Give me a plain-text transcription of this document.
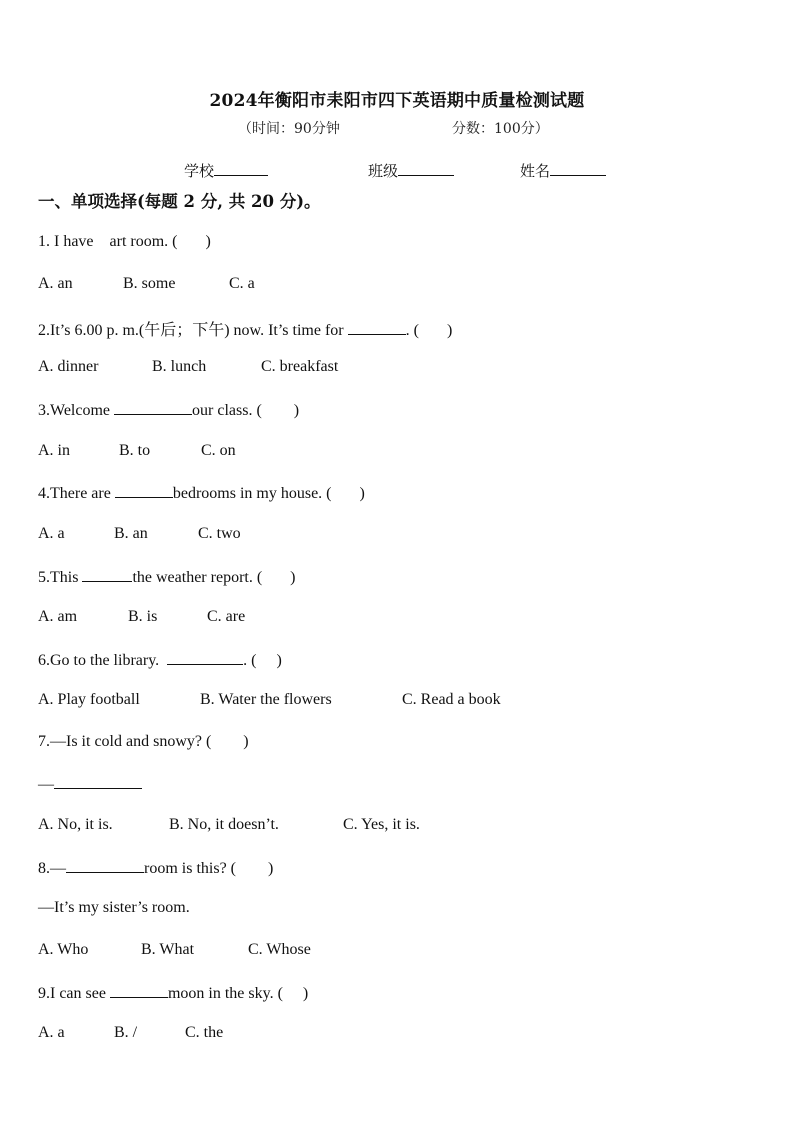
2024年衡阳市耒阳市四下英语期中质量检测试题
（时间：90分钟	分数：100分）
学校	班级	姓名
一、单项选择(每题 2 分, 共 20 分)。
1. I have    art room. (       )
A. an	B. some	C. a
2.It’s 6.00 p. m.(午后；下午) now. It’s time for	. (       )
A. dinner	B. lunch	C. breakfast
3.Welcome	our class. (        )
A. in	B. to	C. on
4.There are	bedrooms in my house. (       )
A. a	B. an	C. two
5.This	the weather report. (       )
A. am	B. is	C. are
6.Go to the library.	. (     )
A. Play football	B. Water the flowers	C. Read a book
7.—Is it cold and snowy? (        )
—
A. No, it is.	B. No, it doesn’t.	C. Yes, it is.
8.—	room is this? (        )
—It’s my sister’s room.
A. Who	B. What	C. Whose
9.I can see	moon in the sky. (     )
A. a	B. /	C. the
